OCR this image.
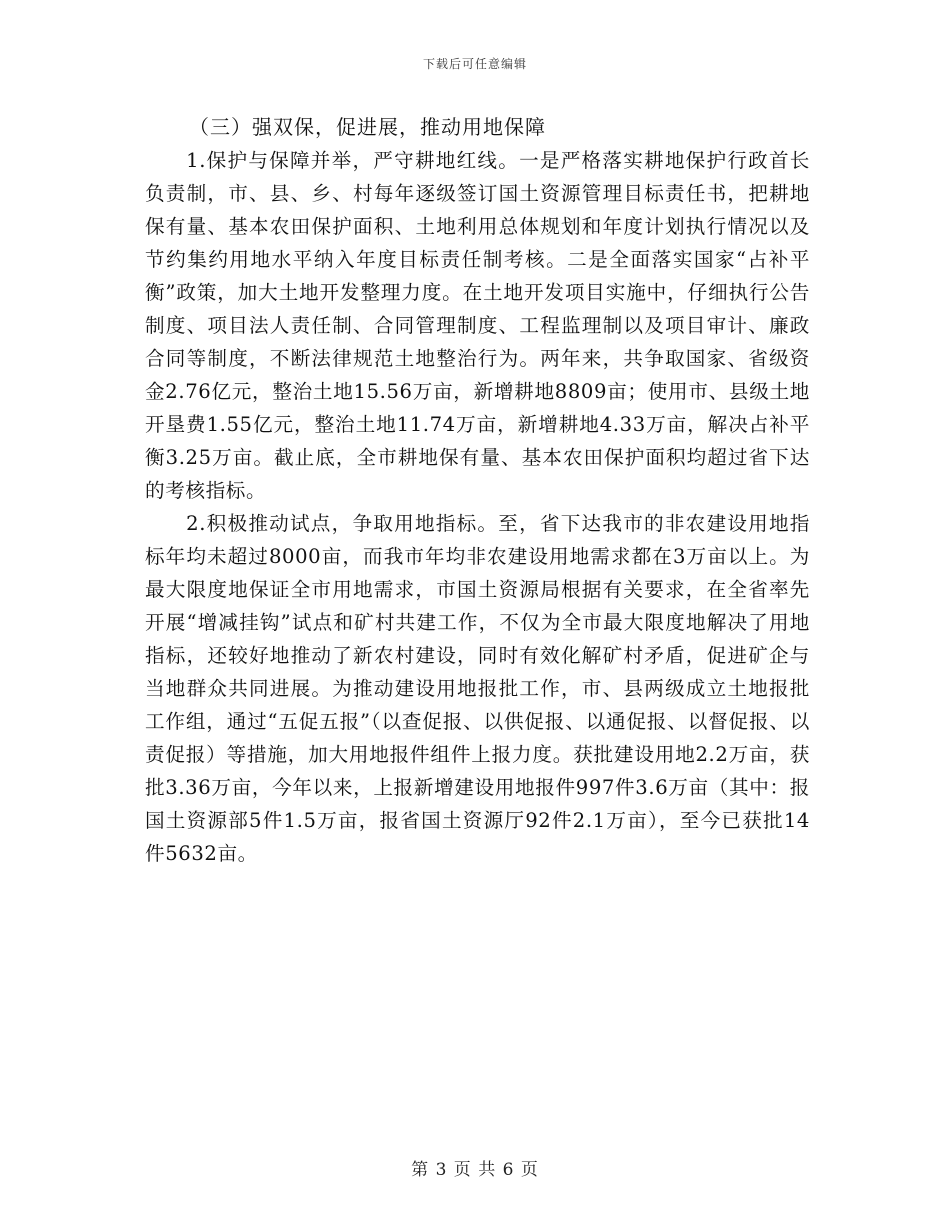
下载后可任意编辑

（三）强双保，促进展，推动用地保障

1.保护与保障并举，严守耕地红线。一是严格落实耕地保护行政首长负责制，市、县、乡、村每年逐级签订国土资源管理目标责任书，把耕地保有量、基本农田保护面积、土地利用总体规划和年度计划执行情况以及节约集约用地水平纳入年度目标责任制考核。二是全面落实国家“占补平衡”政策，加大土地开发整理力度。在土地开发项目实施中，仔细执行公告制度、项目法人责任制、合同管理制度、工程监理制以及项目审计、廉政合同等制度，不断法律规范土地整治行为。两年来，共争取国家、省级资金2.76亿元，整治土地15.56万亩，新增耕地8809亩；使用市、县级土地开垦费1.55亿元，整治土地11.74万亩，新增耕地4.33万亩，解决占补平衡3.25万亩。截止底，全市耕地保有量、基本农田保护面积均超过省下达的考核指标。

2.积极推动试点，争取用地指标。至，省下达我市的非农建设用地指标年均未超过8000亩，而我市年均非农建设用地需求都在3万亩以上。为最大限度地保证全市用地需求，市国土资源局根据有关要求，在全省率先开展“增减挂钩”试点和矿村共建工作，不仅为全市最大限度地解决了用地指标，还较好地推动了新农村建设，同时有效化解矿村矛盾，促进矿企与当地群众共同进展。为推动建设用地报批工作，市、县两级成立土地报批工作组，通过“五促五报”（以查促报、以供促报、以通促报、以督促报、以责促报）等措施，加大用地报件组件上报力度。获批建设用地2.2万亩，获批3.36万亩，今年以来，上报新增建设用地报件997件3.6万亩（其中：报国土资源部5件1.5万亩，报省国土资源厅92件2.1万亩），至今已获批14件5632亩。

第 3 页 共 6 页
